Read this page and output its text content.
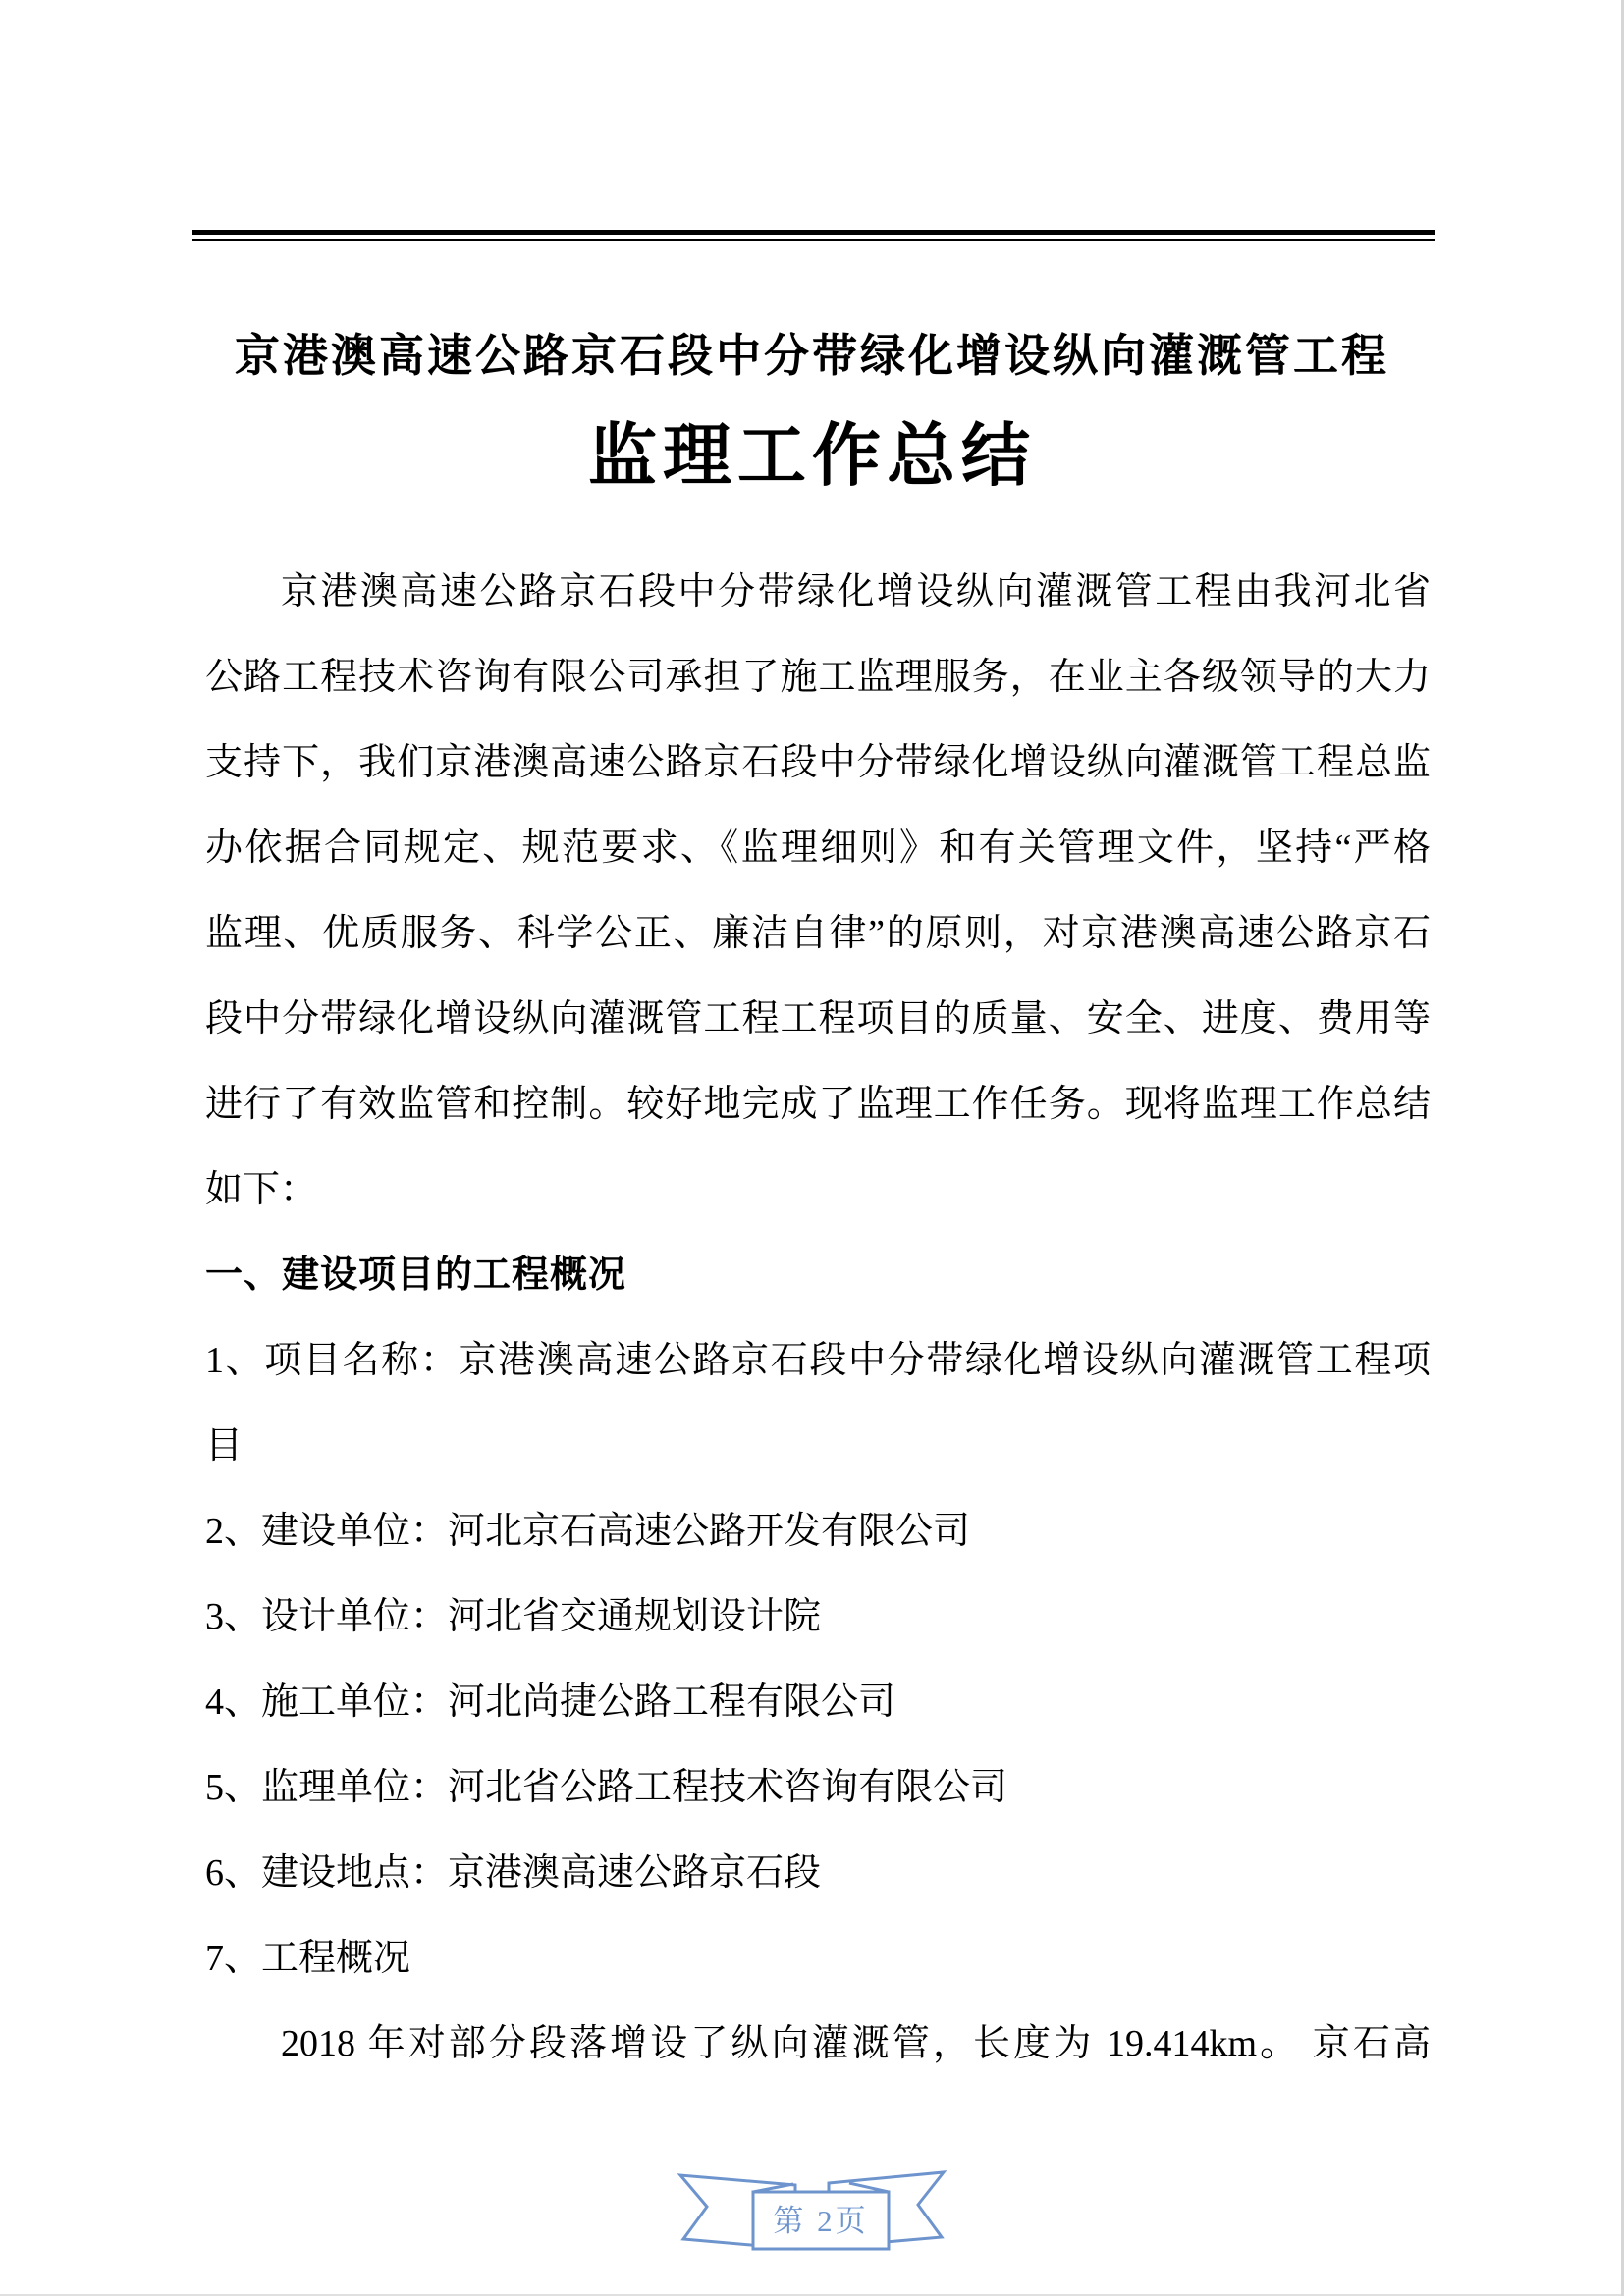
京港澳高速公路京石段中分带绿化增设纵向灌溉管工程
监理工作总结
京港澳高速公路京石段中分带绿化增设纵向灌溉管工程由我河北省
公路工程技术咨询有限公司承担了施工监理服务，在业主各级领导的大力
支持下，我们京港澳高速公路京石段中分带绿化增设纵向灌溉管工程总监
办依据合同规定、规范要求、《监理细则》和有关管理文件，坚持“严格
监理、优质服务、科学公正、廉洁自律”的原则，对京港澳高速公路京石
段中分带绿化增设纵向灌溉管工程工程项目的质量、安全、进度、费用等
进行了有效监管和控制。较好地完成了监理工作任务。现将监理工作总结
如下：
一、建设项目的工程概况
1、项目名称：京港澳高速公路京石段中分带绿化增设纵向灌溉管工程项
目
2、建设单位：河北京石高速公路开发有限公司
3、设计单位：河北省交通规划设计院
4、施工单位：河北尚捷公路工程有限公司
5、监理单位：河北省公路工程技术咨询有限公司
6、建设地点：京港澳高速公路京石段
7、工程概况
2018 年对部分段落增设了纵向灌溉管，长度为 19.414km。 京石高
第 2页
